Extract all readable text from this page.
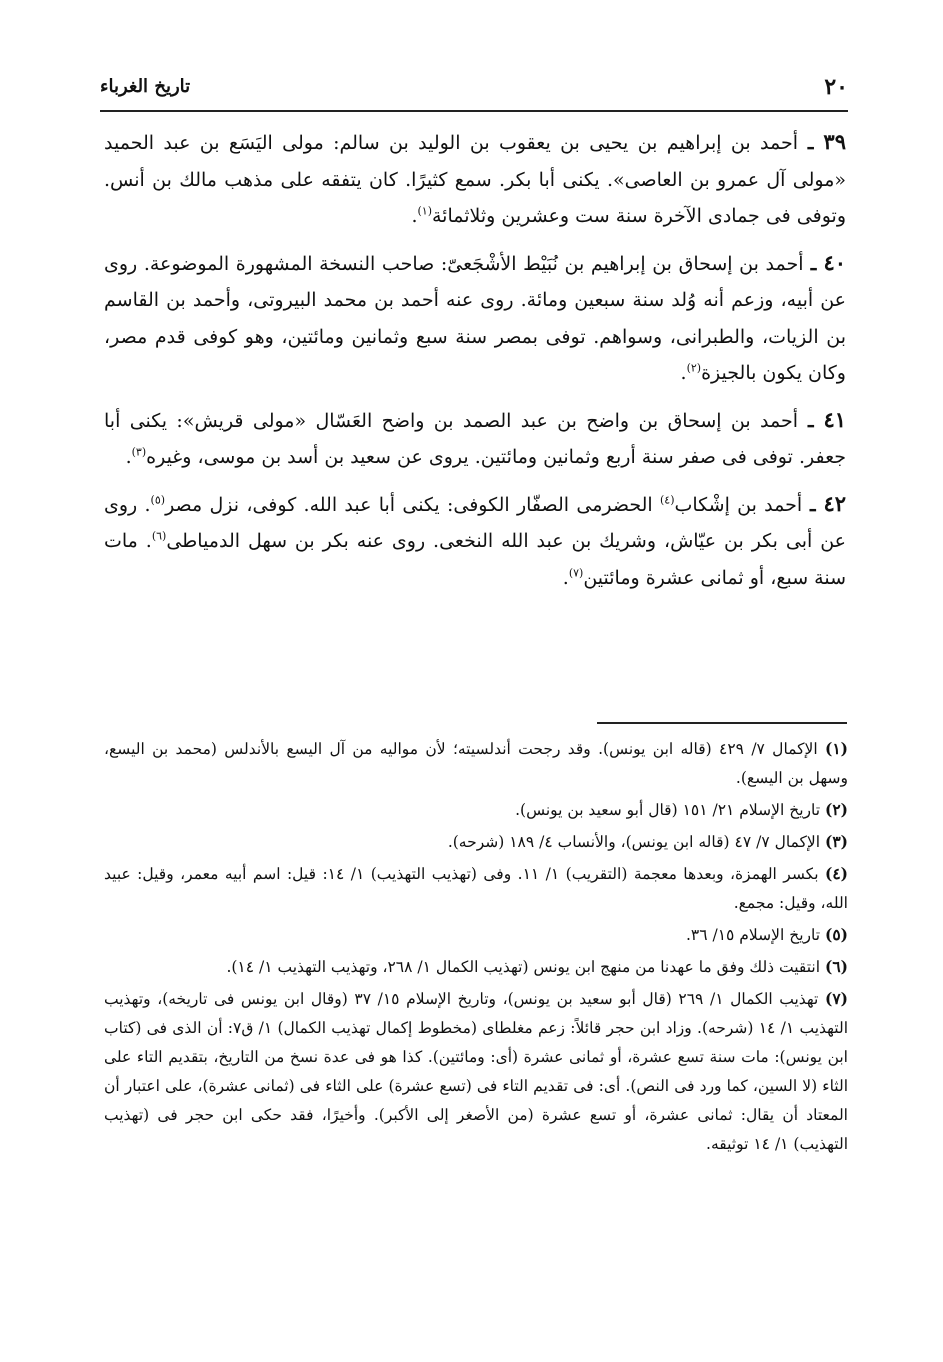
٢٠
تاريخ الغرباء

٣٩ ـ أحمد بن إبراهيم بن يحيى بن يعقوب بن الوليد بن سالم: مولى اليَسَع بن عبد الحميد «مولى آل عمرو بن العاصى». يكنى أبا بكر. سمع كثيرًا. كان يتفقه على مذهب مالك بن أنس. وتوفى فى جمادى الآخرة سنة ست وعشرين وثلاثمائة$^{(١)}$.

٤٠ ـ أحمد بن إسحاق بن إبراهيم بن نُبَيْط الأشْجَعىّ: صاحب النسخة المشهورة الموضوعة. روى عن أبيه، وزعم أنه وُلد سنة سبعين ومائة. روى عنه أحمد بن محمد البيروتى، وأحمد بن القاسم بن الزيات، والطبرانى، وسواهم. توفى بمصر سنة سبع وثمانين ومائتين، وهو كوفى قدم مصر، وكان يكون بالجيزة$^{(٢)}$.

٤١ ـ أحمد بن إسحاق بن واضح بن عبد الصمد بن واضح العَسّال «مولى قريش»: يكنى أبا جعفر. توفى فى صفر سنة أربع وثمانين ومائتين. يروى عن سعيد بن أسد بن موسى، وغيره$^{(٣)}$.

٤٢ ـ أحمد بن إشْكاب$^{(٤)}$ الحضرمى الصفّار الكوفى: يكنى أبا عبد الله. كوفى، نزل مصر$^{(٥)}$. روى عن أبى بكر بن عيّاش، وشريك بن عبد الله النخعى. روى عنه بكر بن سهل الدمياطى$^{(٦)}$. مات سنة سبع، أو ثمانى عشرة ومائتين$^{(٧)}$.

(١) الإكمال ٧/ ٤٢٩ (قاله ابن يونس). وقد رجحت أندلسيته؛ لأن مواليه من آل اليسع بالأندلس (محمد بن اليسع، وسهل بن اليسع).

(٢) تاريخ الإسلام ٢١/ ١٥١ (قال أبو سعيد بن يونس).

(٣) الإكمال ٧/ ٤٧ (قاله ابن يونس)، والأنساب ٤/ ١٨٩ (شرحه).

(٤) بكسر الهمزة، وبعدها معجمة (التقريب) ١/ ١١. وفى (تهذيب التهذيب) ١/ ١٤: قيل: اسم أبيه معمر، وقيل: عبيد الله، وقيل: مجمع.

(٥) تاريخ الإسلام ١٥/ ٣٦.

(٦) انتقيت ذلك وفق ما عهدنا من منهج ابن يونس (تهذيب الكمال ١/ ٢٦٨، وتهذيب التهذيب ١/ ١٤).

(٧) تهذيب الكمال ١/ ٢٦٩ (قال أبو سعيد بن يونس)، وتاريخ الإسلام ١٥/ ٣٧ (وقال ابن يونس فى تاريخه)، وتهذيب التهذيب ١/ ١٤ (شرحه). وزاد ابن حجر قائلاً: زعم مغلطاى (مخطوط إكمال تهذيب الكمال) ١/ ق٧: أن الذى فى (كتاب ابن يونس): مات سنة تسع عشرة، أو ثمانى عشرة (أى: ومائتين). كذا هو فى عدة نسخ من التاريخ، بتقديم التاء على الثاء (لا السين، كما ورد فى النص). أى: فى تقديم التاء فى (تسع عشرة) على الثاء فى (ثمانى عشرة)، على اعتبار أن المعتاد أن يقال: ثمانى عشرة، أو تسع عشرة (من الأصغر إلى الأكبر). وأخيرًا، فقد حكى ابن حجر فى (تهذيب التهذيب) ١/ ١٤ توثيقه.
